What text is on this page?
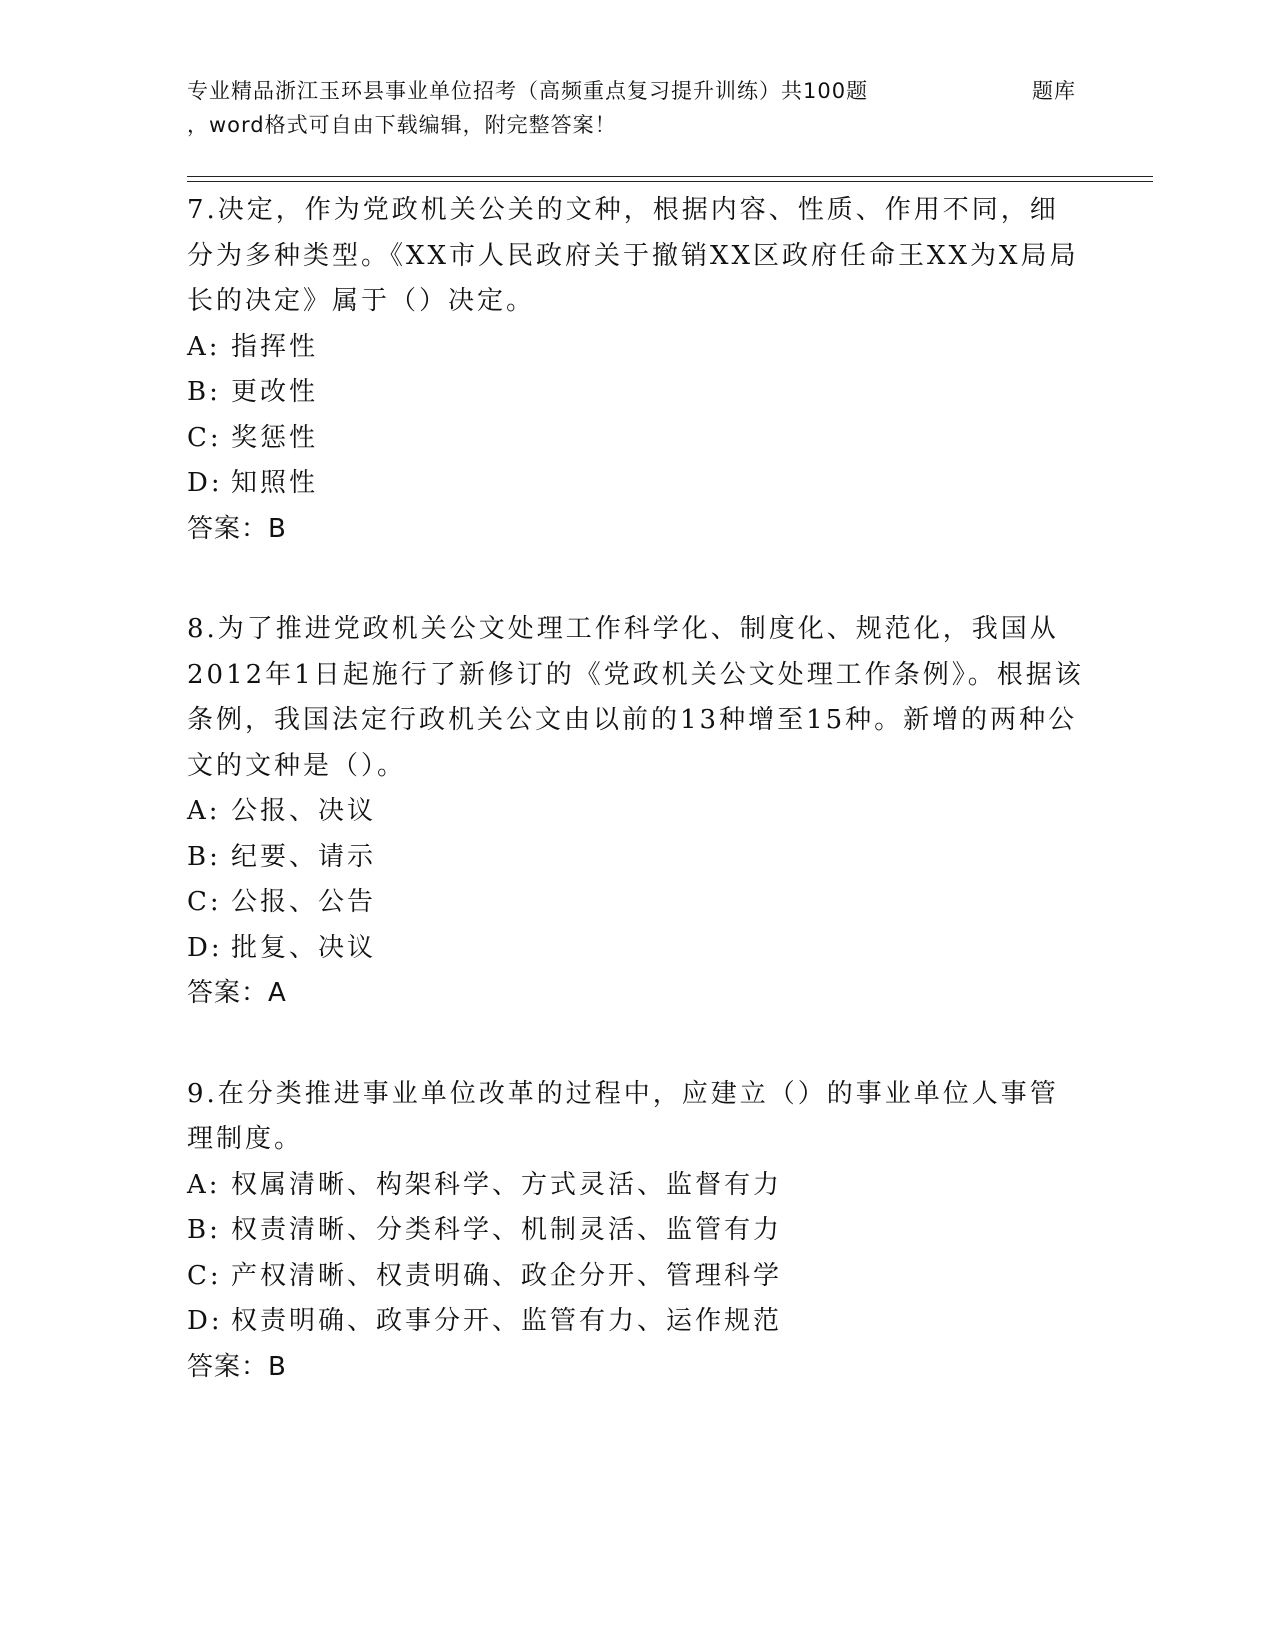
专业精品浙江玉环县事业单位招考（高频重点复习提升训练）共100题	题库
，word格式可自由下载编辑，附完整答案！

7.决定，作为党政机关公关的文种，根据内容、性质、作用不同，细分为多种类型。《XX市人民政府关于撤销XX区政府任命王XX为X局局长的决定》属于（）决定。

A: 指挥性

B: 更改性

C: 奖惩性

D: 知照性

答案：B

8.为了推进党政机关公文处理工作科学化、制度化、规范化，我国从2012年1日起施行了新修订的《党政机关公文处理工作条例》。根据该条例，我国法定行政机关公文由以前的13种增至15种。新增的两种公文的文种是（）。

A: 公报、决议

B: 纪要、请示

C: 公报、公告

D: 批复、决议

答案：A

9.在分类推进事业单位改革的过程中，应建立（）的事业单位人事管理制度。

A: 权属清晰、构架科学、方式灵活、监督有力

B: 权责清晰、分类科学、机制灵活、监管有力

C: 产权清晰、权责明确、政企分开、管理科学

D: 权责明确、政事分开、监管有力、运作规范

答案：B
